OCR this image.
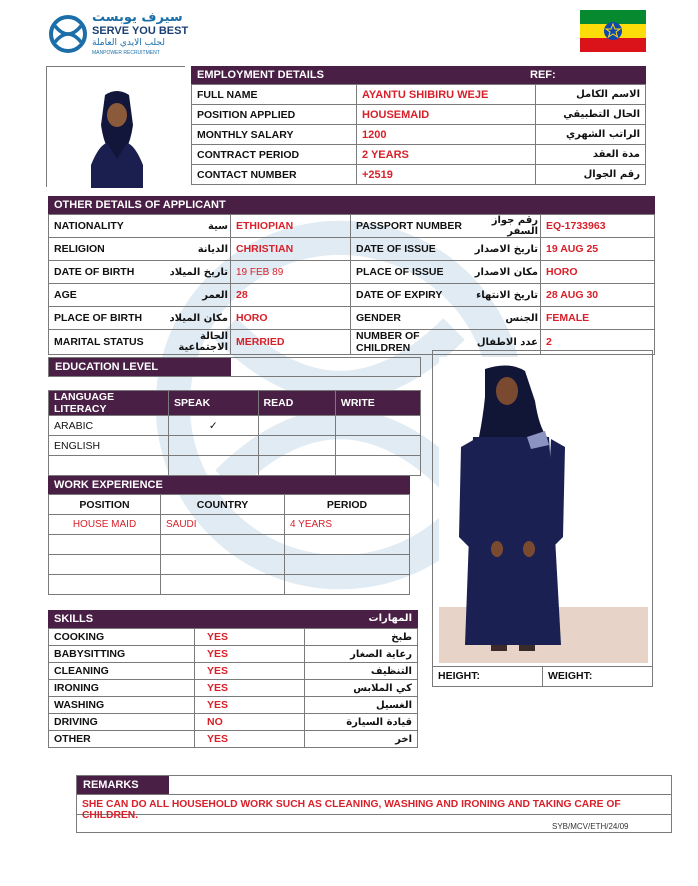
سيرف يوبست
SERVE YOU BEST
لجلب الايدي العاملة
MANPOWER RECRUITMENT
EMPLOYMENT DETAILS	REF:
FULL NAME	AYANTU SHIBIRU WEJE	الاسم الكامل
POSITION APPLIED	HOUSEMAID	الحال التطبيقي
MONTHLY SALARY	1200	الراتب الشهري
CONTRACT PERIOD	2 YEARS	مدة العقد
CONTACT NUMBER	+2519	رقم الجوال
OTHER DETAILS OF APPLICANT
NATIONALITY	سية	ETHIOPIAN	PASSPORT NUMBER	رقم جواز السفر	EQ-1733963
RELIGION	الديانة	CHRISTIAN	DATE OF ISSUE	تاريخ الاصدار	19 AUG 25
DATE OF BIRTH	تاريخ الميلاد	19 FEB 89	PLACE OF ISSUE	مكان الاصدار	HORO
AGE	العمر	28	DATE OF EXPIRY	تاريخ الانتهاء	28 AUG 30
PLACE OF BIRTH	مكان الميلاد	HORO	GENDER	الجنس	FEMALE
MARITAL STATUS	الحالة الاجتماعية	MERRIED	NUMBER OF CHILDREN	عدد الاطفال	2
EDUCATION LEVEL
LANGUAGE LITERACY	SPEAK	READ	WRITE
ARABIC	✓		
ENGLISH			

WORK EXPERIENCE
POSITION	COUNTRY	PERIOD
HOUSE MAID	SAUDI	4 YEARS

SKILLS	المهارات
COOKING	YES	طبخ
BABYSITTING	YES	رعاية الصغار
CLEANING	YES	التنظيف
IRONING	YES	كي الملابس
WASHING	YES	الغسيل
DRIVING	NO	قيادة السيارة
OTHER	YES	اخر
HEIGHT:	WEIGHT:
REMARKS
SHE CAN DO ALL HOUSEHOLD WORK SUCH AS CLEANING, WASHING AND IRONING AND TAKING CARE OF CHILDREN.
SYB/MCV/ETH/24/09
